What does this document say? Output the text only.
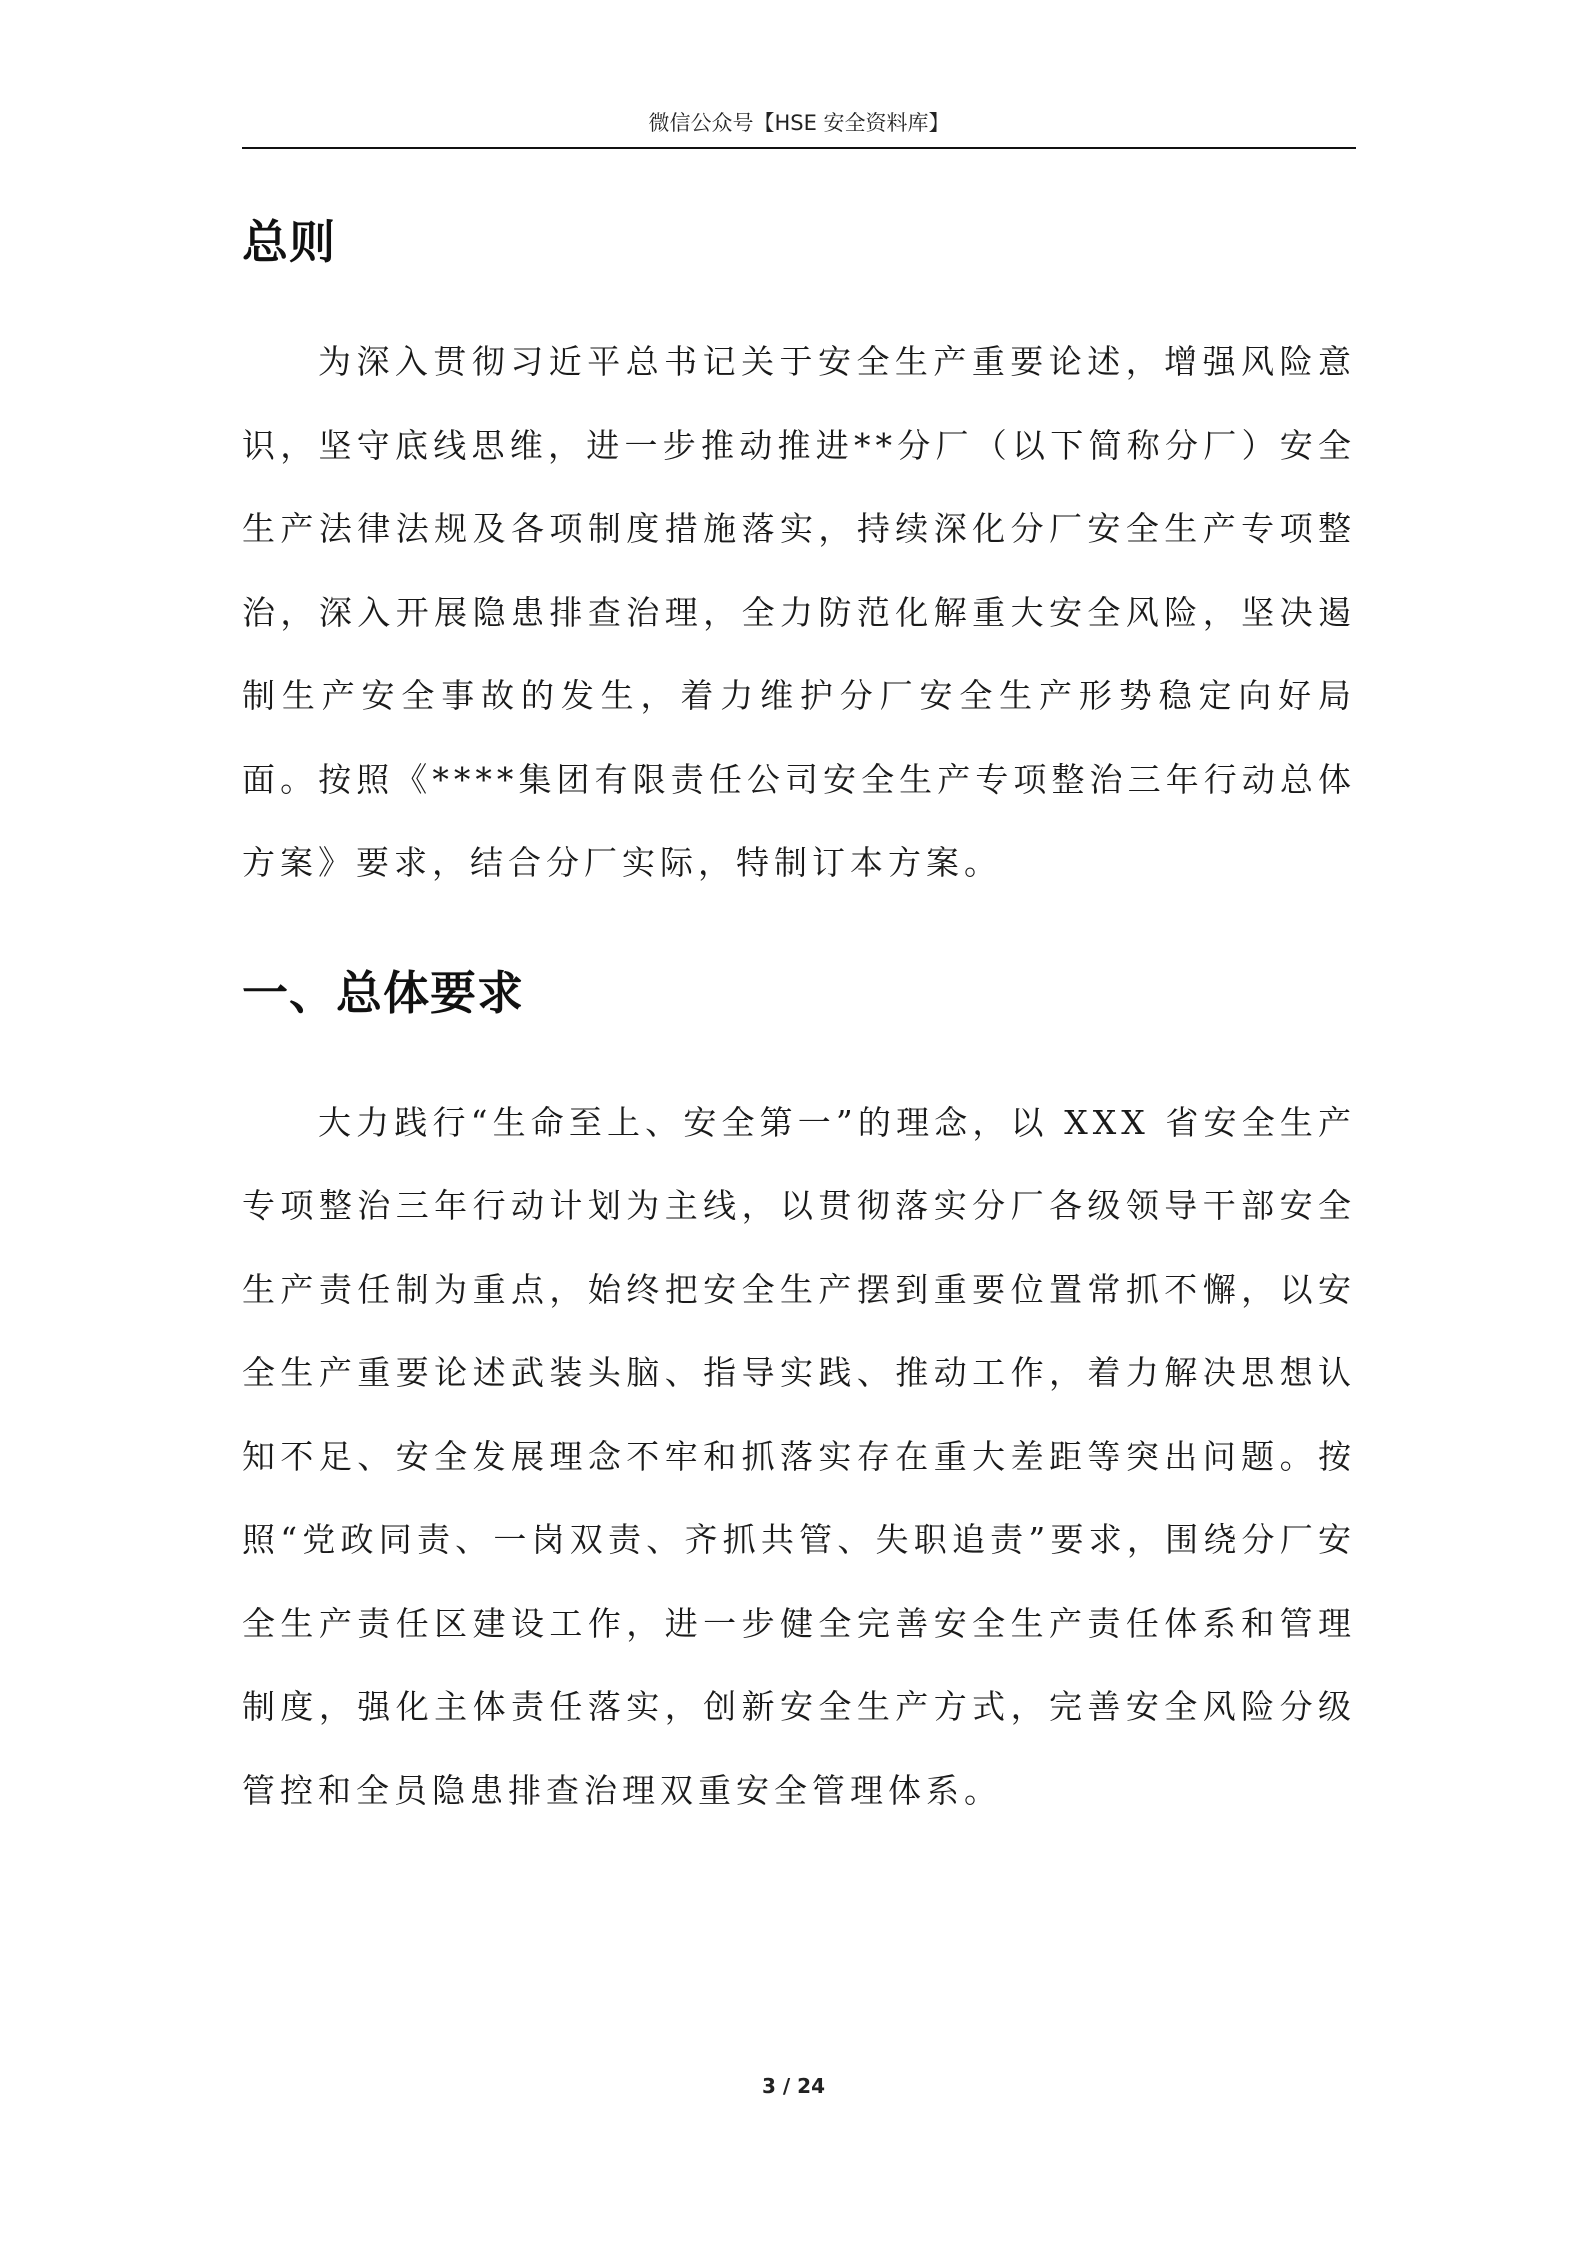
微信公众号【HSE 安全资料库】
总则

为深入贯彻习近平总书记关于安全生产重要论述，增强风险意识，坚守底线思维，进一步推动推进**分厂（以下简称分厂）安全生产法律法规及各项制度措施落实，持续深化分厂安全生产专项整治，深入开展隐患排查治理，全力防范化解重大安全风险，坚决遏制生产安全事故的发生，着力维护分厂安全生产形势稳定向好局面。按照《****集团有限责任公司安全生产专项整治三年行动总体方案》要求，结合分厂实际，特制订本方案。

一、总体要求

大力践行“生命至上、安全第一”的理念，以 XXX 省安全生产专项整治三年行动计划为主线，以贯彻落实分厂各级领导干部安全生产责任制为重点，始终把安全生产摆到重要位置常抓不懈，以安全生产重要论述武装头脑、指导实践、推动工作，着力解决思想认知不足、安全发展理念不牢和抓落实存在重大差距等突出问题。按照“党政同责、一岗双责、齐抓共管、失职追责”要求，围绕分厂安全生产责任区建设工作，进一步健全完善安全生产责任体系和管理制度，强化主体责任落实，创新安全生产方式，完善安全风险分级管控和全员隐患排查治理双重安全管理体系。

3 / 24
